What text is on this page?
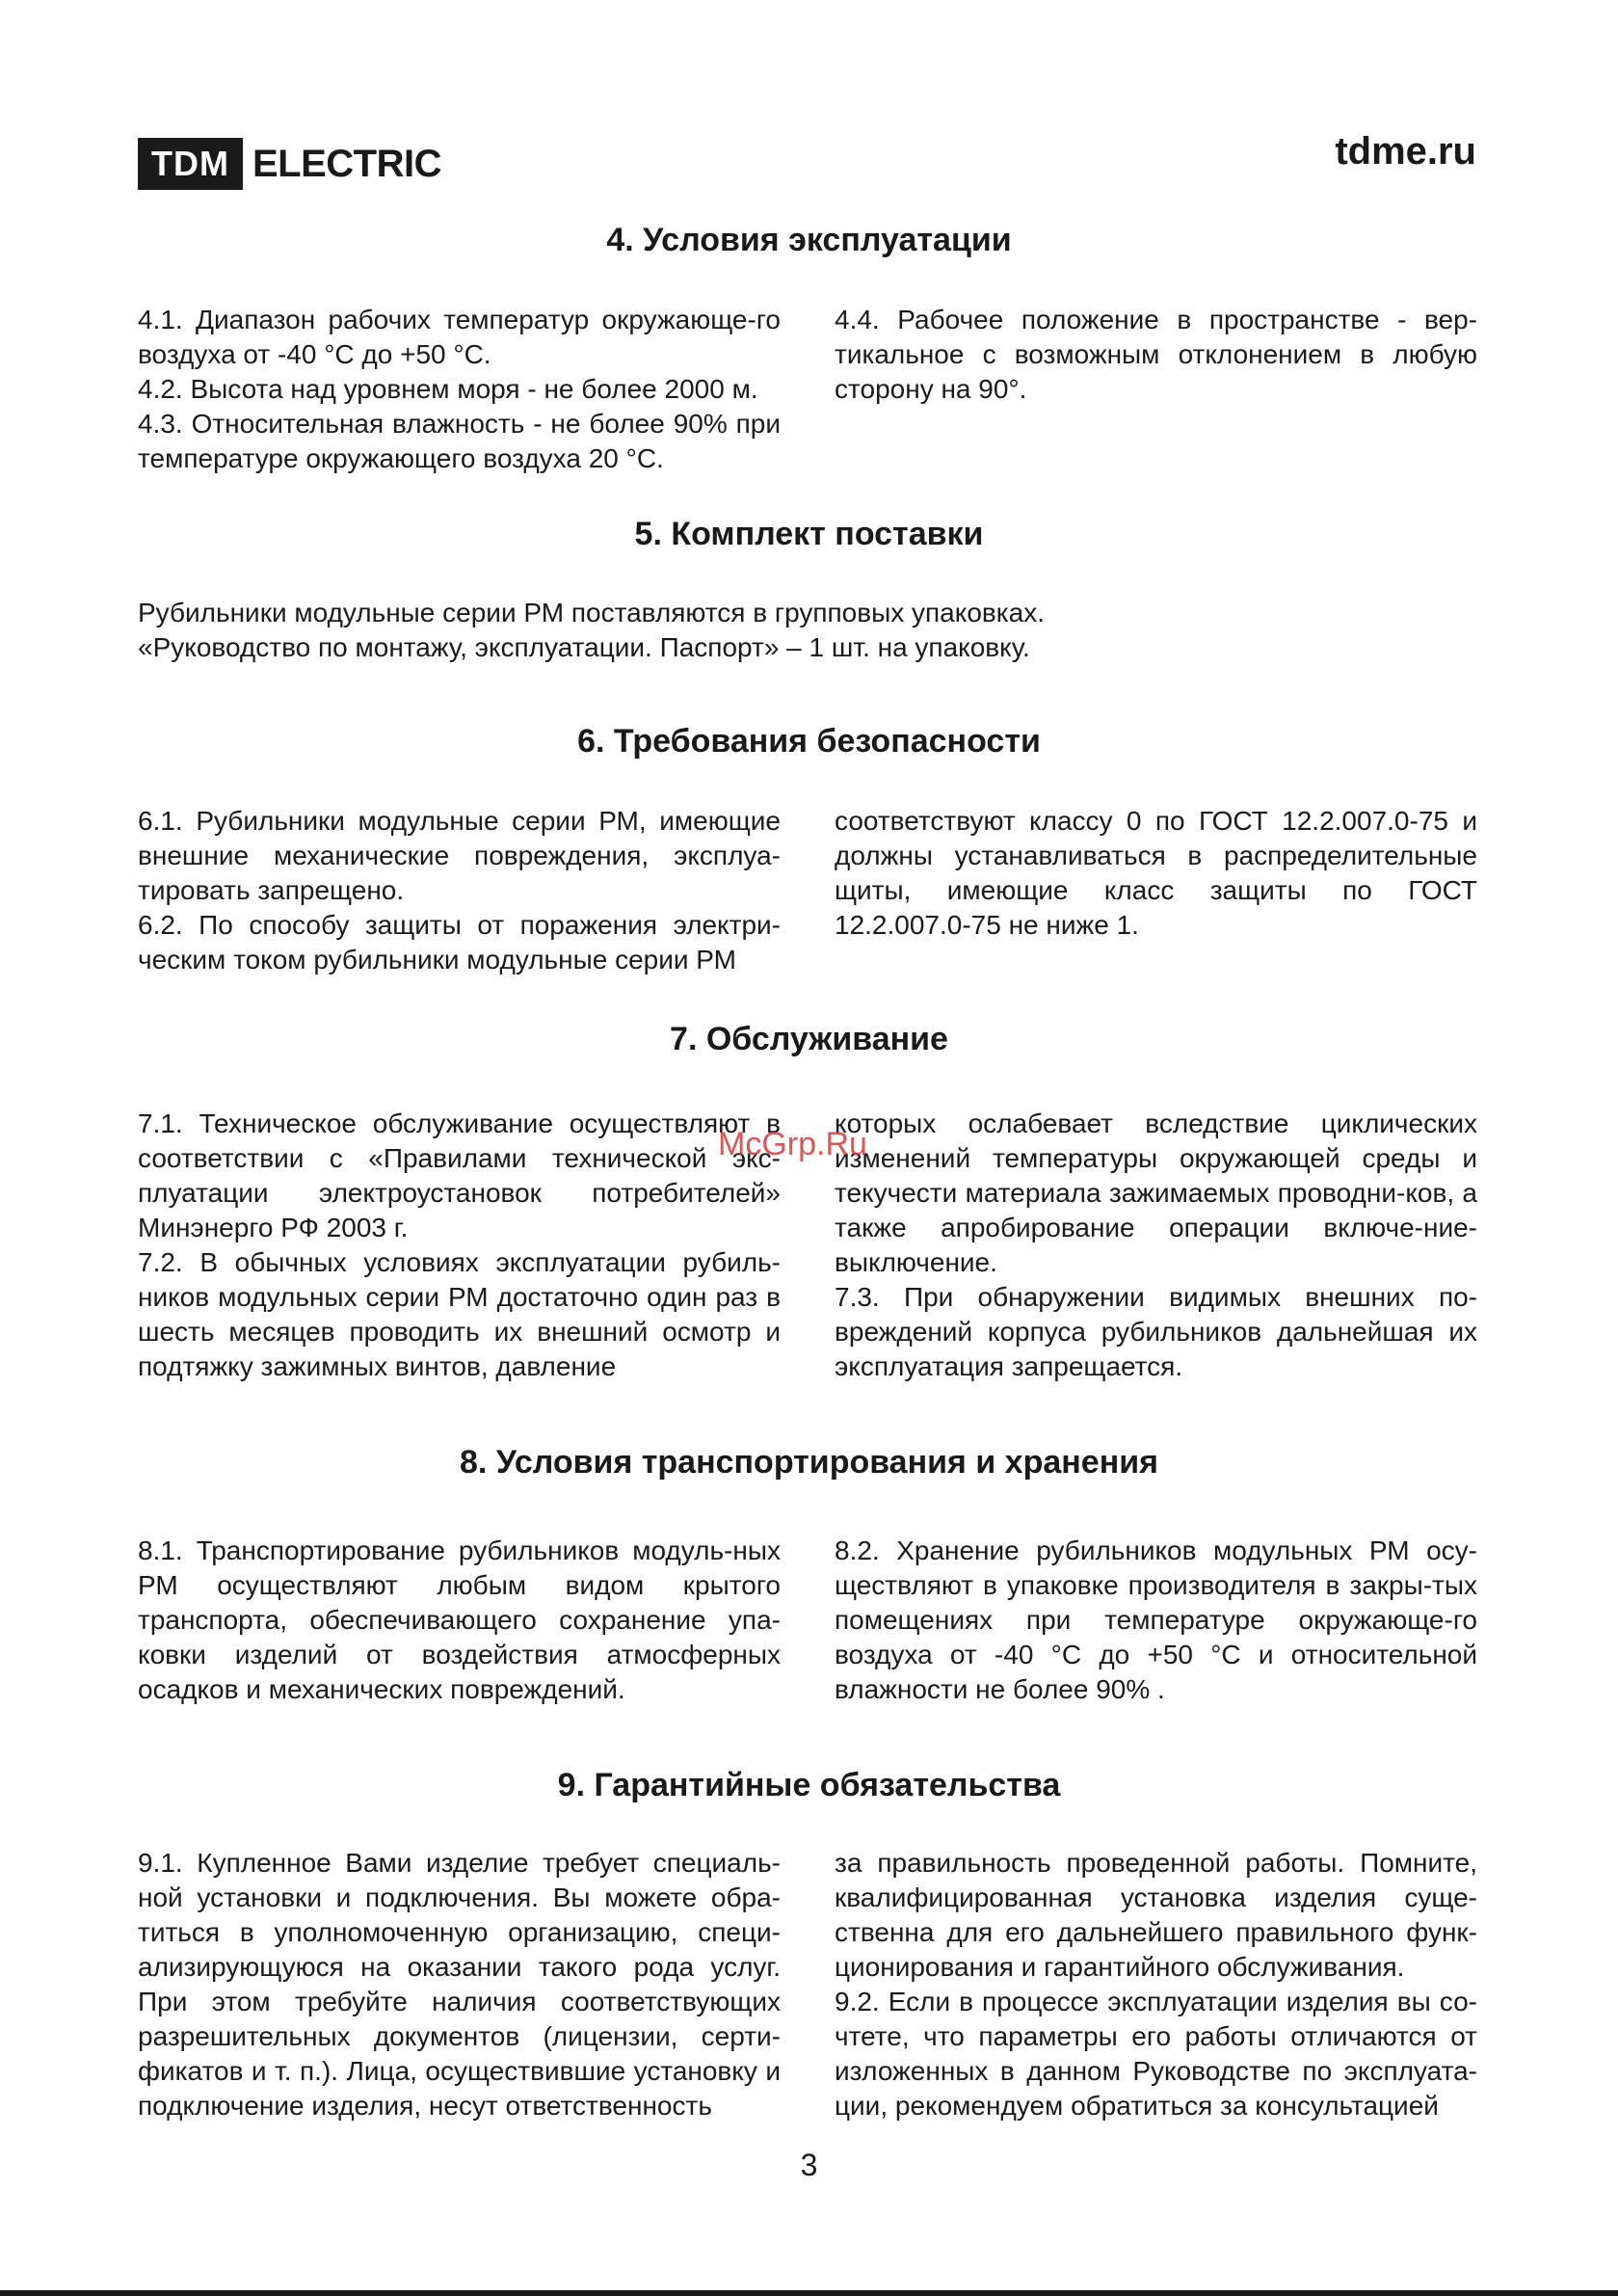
TDM ELECTRIC	tdme.ru
4. Условия эксплуатации

4.1. Диапазон рабочих температур окружающе-го воздуха от -40 °С до +50 °С.

4.2. Высота над уровнем моря - не более 2000 м.

4.3. Относительная влажность - не более 90% при температуре окружающего воздуха 20 °С.

4.4. Рабочее положение в пространстве - вер-тикальное с возможным отклонением в любую сторону на 90°.

5. Комплект поставки

Рубильники модульные серии РМ поставляются в групповых упаковках.

«Руководство по монтажу, эксплуатации. Паспорт» – 1 шт. на упаковку.

6. Требования безопасности

6.1. Рубильники модульные серии РМ, имеющие внешние механические повреждения, эксплуа-тировать запрещено.

6.2. По способу защиты от поражения электри-ческим током рубильники модульные серии РМ

соответствуют классу 0 по ГОСТ 12.2.007.0-75 и должны устанавливаться в распределительные щиты, имеющие класс защиты по ГОСТ 12.2.007.0-75 не ниже 1.

7. Обслуживание

7.1. Техническое обслуживание осуществляют в соответствии с «Правилами технической экс-плуатации электроустановок потребителей» Минэнерго РФ 2003 г.

7.2. В обычных условиях эксплуатации рубиль-ников модульных серии РМ достаточно один раз в шесть месяцев проводить их внешний осмотр и подтяжку зажимных винтов, давление

которых ослабевает вследствие циклических изменений температуры окружающей среды и текучести материала зажимаемых проводни-ков, а также апробирование операции включе-ние-выключение.

7.3. При обнаружении видимых внешних по-вреждений корпуса рубильников дальнейшая их эксплуатация запрещается.

McGrp.Ru
8. Условия транспортирования и хранения

8.1. Транспортирование рубильников модуль-ных РМ осуществляют любым видом крытого транспорта, обеспечивающего сохранение упа-ковки изделий от воздействия атмосферных осадков и механических повреждений.

8.2. Хранение рубильников модульных РМ осу-ществляют в упаковке производителя в закры-тых помещениях при температуре окружающе-го воздуха от -40 °С до +50 °С и относительной влажности не более 90% .

9. Гарантийные обязательства

9.1. Купленное Вами изделие требует специаль-ной установки и подключения. Вы можете обра-титься в уполномоченную организацию, специ-ализирующуюся на оказании такого рода услуг. При этом требуйте наличия соответствующих разрешительных документов (лицензии, серти-фикатов и т. п.). Лица, осуществившие установку и подключение изделия, несут ответственность

за правильность проведенной работы. Помните, квалифицированная установка изделия суще-ственна для его дальнейшего правильного функ-ционирования и гарантийного обслуживания.

9.2. Если в процессе эксплуатации изделия вы со-чтете, что параметры его работы отличаются от изложенных в данном Руководстве по эксплуата-ции, рекомендуем обратиться за консультацией

3
